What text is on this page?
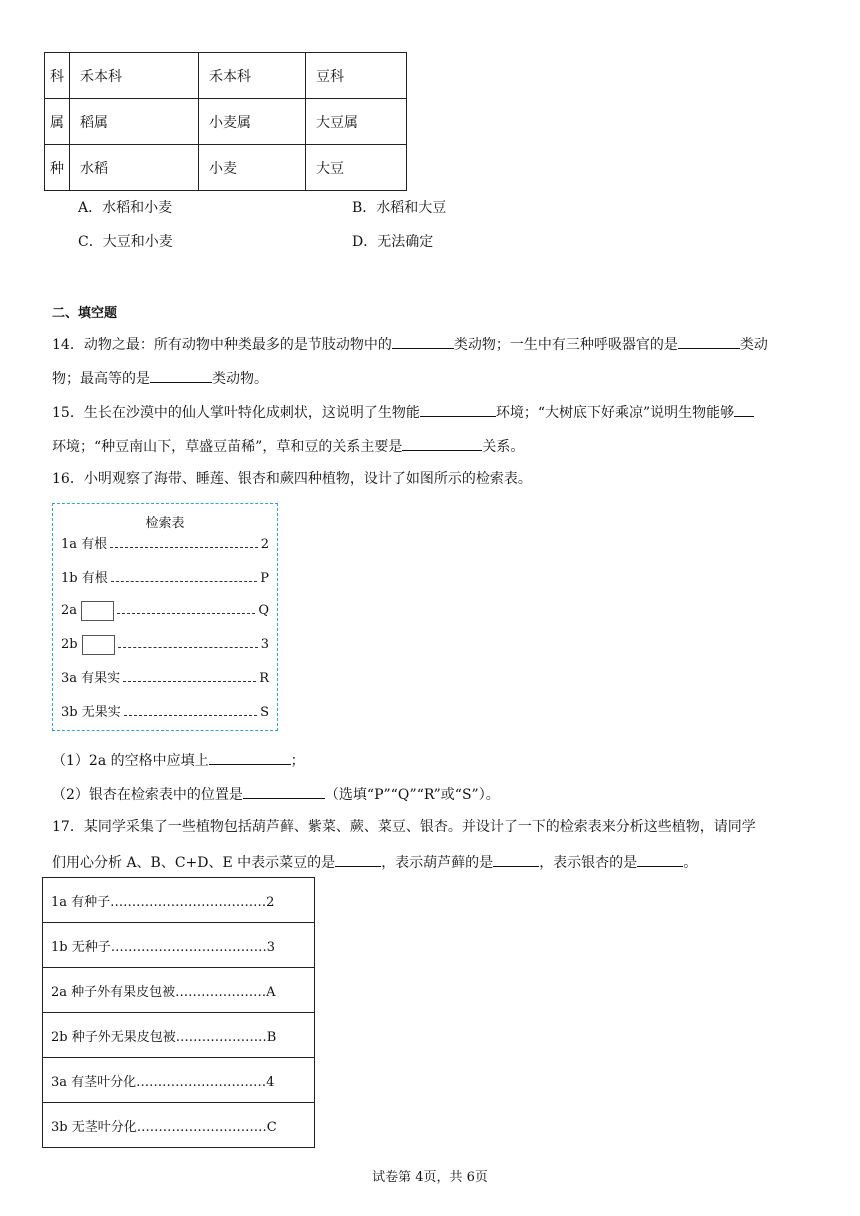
科	禾本科	禾本科	豆科
属	稻属	小麦属	大豆属
种	水稻	小麦	大豆
A．水稻和小麦	B．水稻和大豆
C．大豆和小麦	D．无法确定
二、填空题
14．动物之最：所有动物中种类最多的是节肢动物中的	类动物；一生中有三种呼吸器官的是	类动
物；最高等的是	类动物。
15．生长在沙漠中的仙人掌叶特化成刺状，这说明了生物能	环境；“大树底下好乘凉”说明生物能够
环境；“种豆南山下，草盛豆苗稀”，草和豆的关系主要是	关系。
16．小明观察了海带、睡莲、银杏和蕨四种植物，设计了如图所示的检索表。
检索表
1a 有根	2
1b 有根	P
2a	Q
2b	3
3a 有果实	R
3b 无果实	S
（1）2a 的空格中应填上	；
（2）银杏在检索表中的位置是	（选填“P”“Q”“R”或“S”）。
17．某同学采集了一些植物包括葫芦藓、紫菜、蕨、菜豆、银杏。并设计了一下的检索表来分析这些植物，请同学
们用心分析 A、B、C+D、E 中表示菜豆的是	，表示葫芦藓的是	，表示银杏的是	。
1a 有种子………………………………2
1b 无种子………………………………3
2a 种子外有果皮包被…………………A
2b 种子外无果皮包被…………………B
3a 有茎叶分化…………………………4
3b 无茎叶分化…………………………C
试卷第 4页，共 6页
